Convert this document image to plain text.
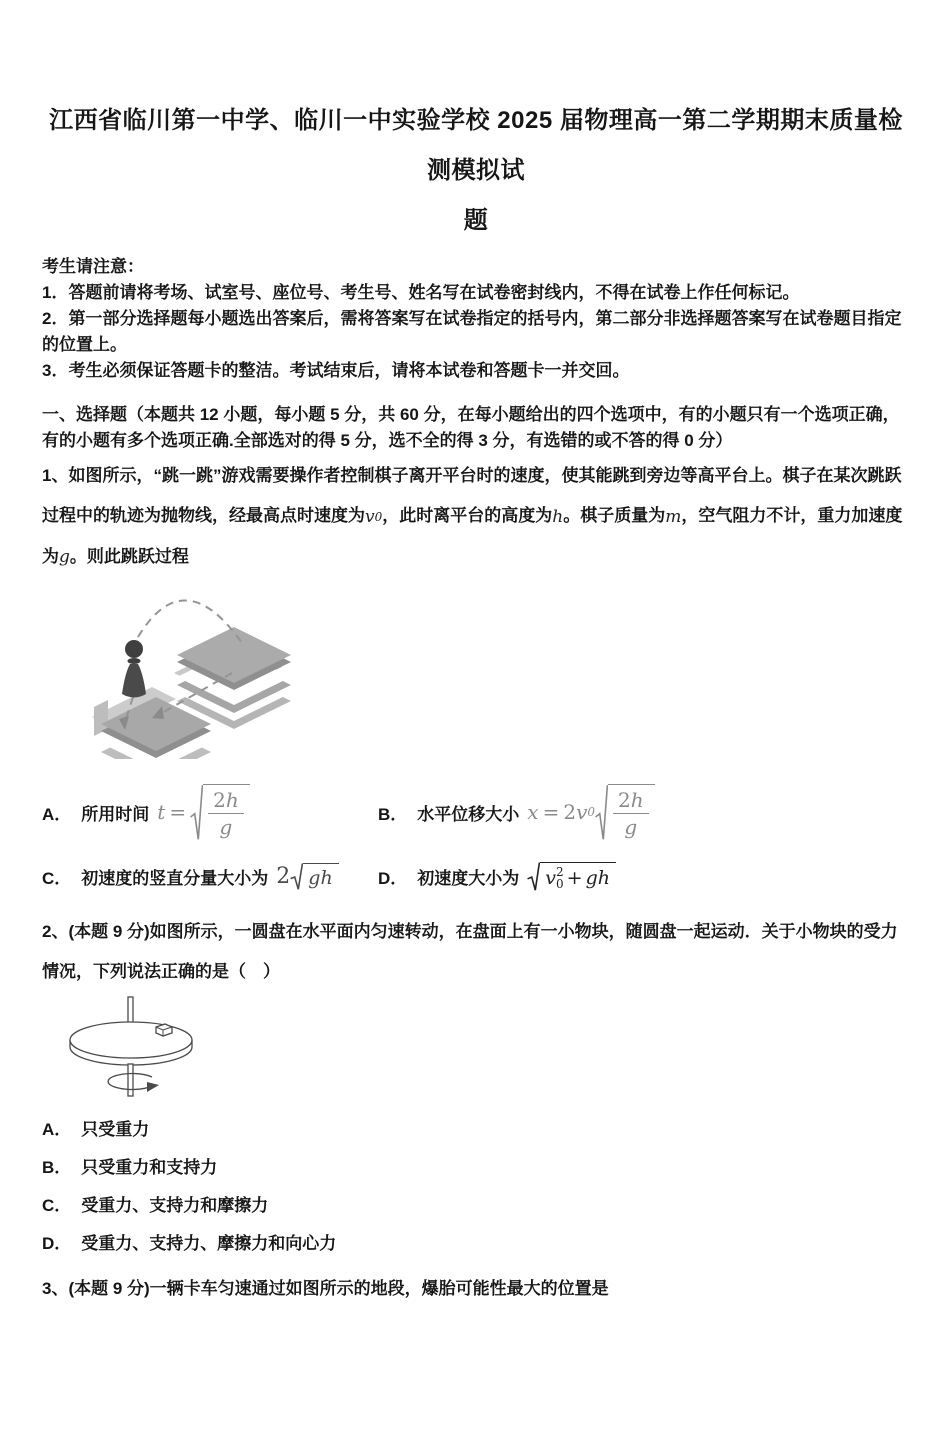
江西省临川第一中学、临川一中实验学校 2025 届物理高一第二学期期末质量检测模拟试
题

考生请注意：

1．答题前请将考场、试室号、座位号、考生号、姓名写在试卷密封线内，不得在试卷上作任何标记。

2．第一部分选择题每小题选出答案后，需将答案写在试卷指定的括号内，第二部分非选择题答案写在试卷题目指定的位置上。

3．考生必须保证答题卡的整洁。考试结束后，请将本试卷和答题卡一并交回。

一、选择题（本题共 12 小题，每小题 5 分，共 60 分，在每小题给出的四个选项中，有的小题只有一个选项正确，有的小题有多个选项正确.全部选对的得 5 分，选不全的得 3 分，有选错的或不答的得 0 分）

1、如图所示，“跳一跳”游戏需要操作者控制棋子离开平台时的速度，使其能跳到旁边等高平台上。棋子在某次跳跃过程中的轨迹为抛物线，经最高点时速度为 v 0 ，此时离平台的高度为 h 。棋子质量为 m ，空气阻力不计，重力加速度为 g 。则此跳跃过程

A． 所用时间 $t = \frac{2h}{g}$	B． 水平位移大小 x = 2 v $0 \frac{2h}{g}$
C． 初速度的竖直分量大小为 2 gh	D． 初速度大小为 v 2
0 + gh

2、(本题 9 分)如图所示，一圆盘在水平面内匀速转动，在盘面上有一小物块，随圆盘一起运动．关于小物块的受力情况，下列说法正确的是（　）

A． 只受重力

B． 只受重力和支持力

C． 受重力、支持力和摩擦力

D． 受重力、支持力、摩擦力和向心力

3、(本题 9 分)一辆卡车匀速通过如图所示的地段，爆胎可能性最大的位置是
